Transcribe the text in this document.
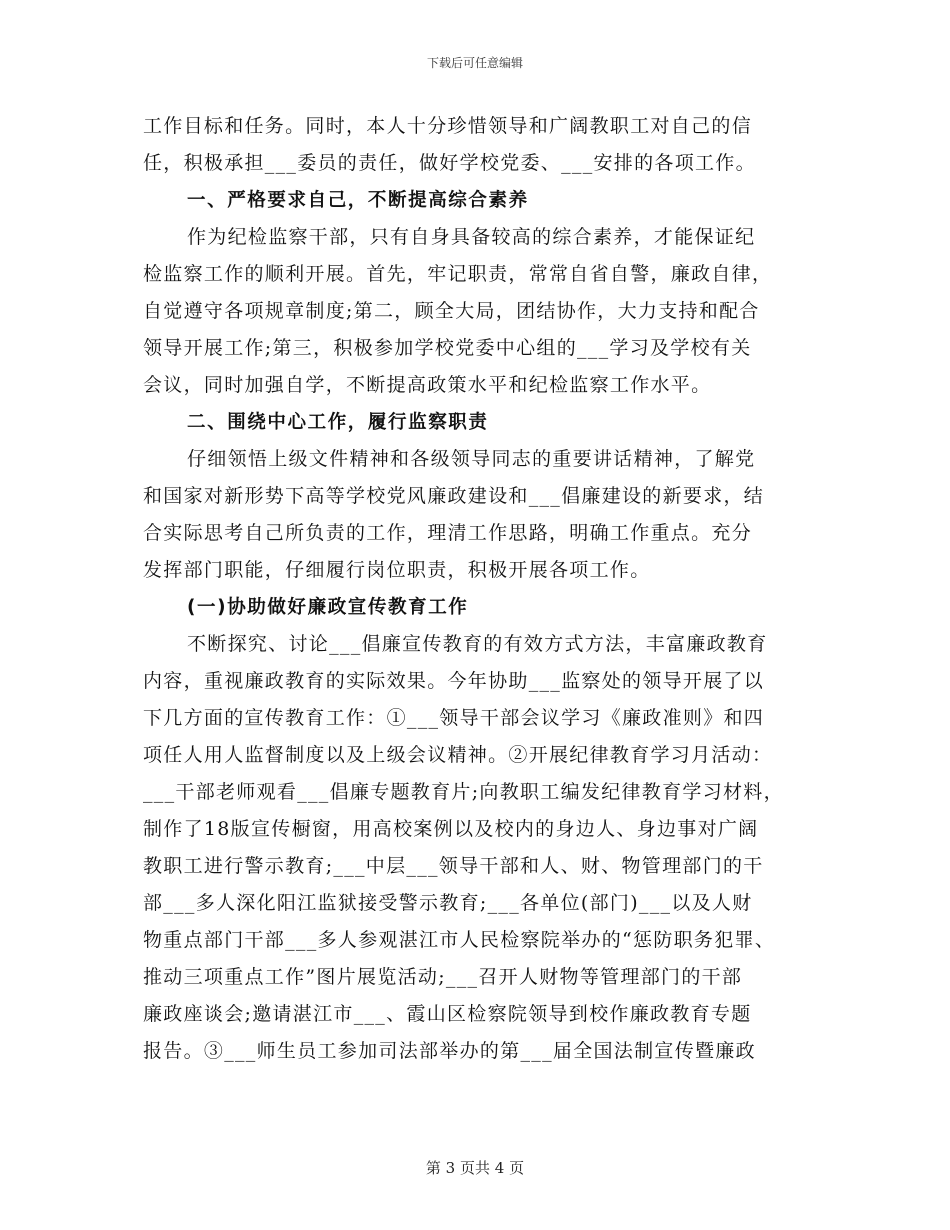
下载后可任意编辑
工作目标和任务。同时，本人十分珍惜领导和广阔教职工对自己的信
任，积极承担___委员的责任，做好学校党委、___安排的各项工作。
一、严格要求自己，不断提高综合素养
作为纪检监察干部，只有自身具备较高的综合素养，才能保证纪
检监察工作的顺利开展。首先，牢记职责，常常自省自警，廉政自律，
自觉遵守各项规章制度;第二，顾全大局，团结协作，大力支持和配合
领导开展工作;第三，积极参加学校党委中心组的___学习及学校有关
会议，同时加强自学，不断提高政策水平和纪检监察工作水平。
二、围绕中心工作，履行监察职责
仔细领悟上级文件精神和各级领导同志的重要讲话精神，了解党
和国家对新形势下高等学校党风廉政建设和___倡廉建设的新要求，结
合实际思考自己所负责的工作，理清工作思路，明确工作重点。充分
发挥部门职能，仔细履行岗位职责，积极开展各项工作。
(一)协助做好廉政宣传教育工作
不断探究、讨论___倡廉宣传教育的有效方式方法，丰富廉政教育
内容，重视廉政教育的实际效果。今年协助___监察处的领导开展了以
下几方面的宣传教育工作：①___领导干部会议学习《廉政准则》和四
项任人用人监督制度以及上级会议精神。②开展纪律教育学习月活动：
___干部老师观看___倡廉专题教育片;向教职工编发纪律教育学习材料，
制作了18版宣传橱窗，用高校案例以及校内的身边人、身边事对广阔
教职工进行警示教育;___中层___领导干部和人、财、物管理部门的干
部___多人深化阳江监狱接受警示教育;___各单位(部门)___以及人财
物重点部门干部___多人参观湛江市人民检察院举办的“惩防职务犯罪、
推动三项重点工作”图片展览活动;___召开人财物等管理部门的干部
廉政座谈会;邀请湛江市___、霞山区检察院领导到校作廉政教育专题
报告。③___师生员工参加司法部举办的第___届全国法制宣传暨廉政
第 3 页共 4 页
